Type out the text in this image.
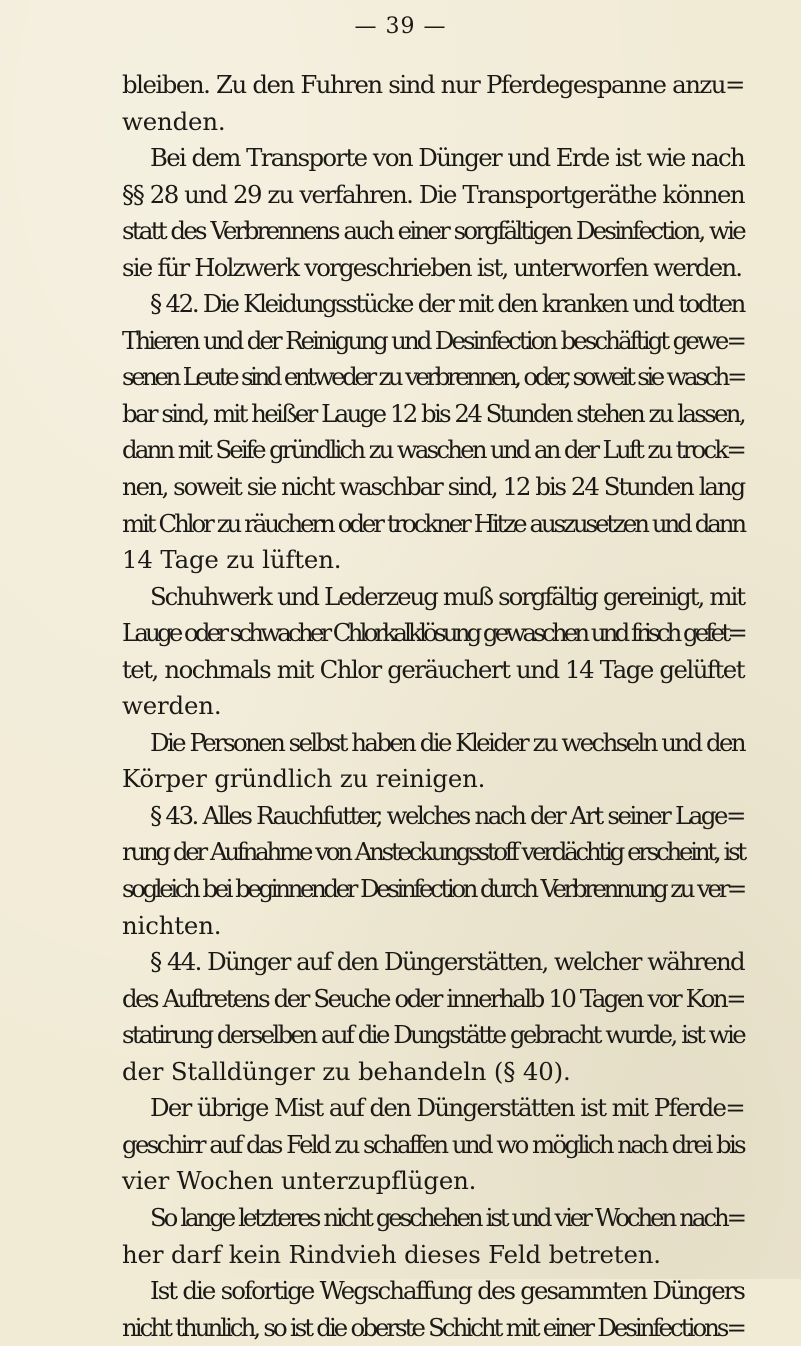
— 39 —
bleiben. Zu den Fuhren sind nur Pferdegespanne anzu=
wenden.
Bei dem Transporte von Dünger und Erde ist wie nach
§§ 28 und 29 zu verfahren. Die Transportgeräthe können
statt des Verbrennens auch einer sorgfältigen Desinfection, wie
sie für Holzwerk vorgeschrieben ist, unterworfen werden.
§ 42. Die Kleidungsstücke der mit den kranken und todten
Thieren und der Reinigung und Desinfection beschäftigt gewe=
senen Leute sind entweder zu verbrennen, oder, soweit sie wasch=
bar sind, mit heißer Lauge 12 bis 24 Stunden stehen zu lassen,
dann mit Seife gründlich zu waschen und an der Luft zu trock=
nen, soweit sie nicht waschbar sind, 12 bis 24 Stunden lang
mit Chlor zu räuchern oder trockner Hitze auszusetzen und dann
14 Tage zu lüften.
Schuhwerk und Lederzeug muß sorgfältig gereinigt, mit
Lauge oder schwacher Chlorkalklösung gewaschen und frisch gefet=
tet, nochmals mit Chlor geräuchert und 14 Tage gelüftet
werden.
Die Personen selbst haben die Kleider zu wechseln und den
Körper gründlich zu reinigen.
§ 43. Alles Rauchfutter, welches nach der Art seiner Lage=
rung der Aufnahme von Ansteckungsstoff verdächtig erscheint, ist
sogleich bei beginnender Desinfection durch Verbrennung zu ver=
nichten.
§ 44. Dünger auf den Düngerstätten, welcher während
des Auftretens der Seuche oder innerhalb 10 Tagen vor Kon=
statirung derselben auf die Dungstätte gebracht wurde, ist wie
der Stalldünger zu behandeln (§ 40).
Der übrige Mist auf den Düngerstätten ist mit Pferde=
geschirr auf das Feld zu schaffen und wo möglich nach drei bis
vier Wochen unterzupflügen.
So lange letzteres nicht geschehen ist und vier Wochen nach=
her darf kein Rindvieh dieses Feld betreten.
Ist die sofortige Wegschaffung des gesammten Düngers
nicht thunlich, so ist die oberste Schicht mit einer Desinfections=
